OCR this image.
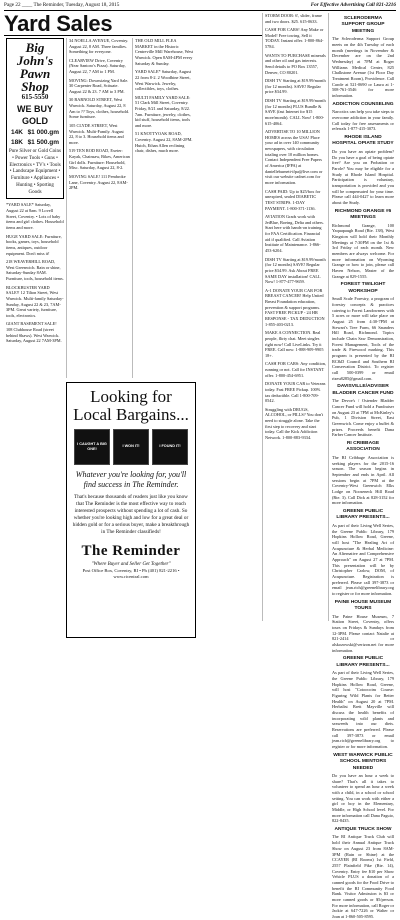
Page 22 ____ The Reminder, Tuesday, August 18, 2015	For Effective Advertising Call 821-2216
Yard Sales
Big John's Pawn Shop
615-5550
WE BUY GOLD
14K $1 000.gm
18K $1 500.gm
Pure Silver or Gold Coins • Power Tools • Guns • Electronics • TV's • Tools • Landscape Equipment • Furniture • Appliances • Hunting • Sporting Goods

*YARD SALE* Saturday, August 22 at 8am. 9 Lovell Street, Coventry. • Lots of baby items and girl clothes. Household items and more.

HUGE YARD SALE: Furniture, books, games, toys, household items, antiques, outdoor equipment. Don't miss it!

218 WEAVERHILL ROAD, West Greenwich. Rain or shine, Saturday-Sunday 8AM. Furniture, tools, household items.

BLOCKBUSTER YARD SALE!! 12 Tilton Street, West Warwick. Multi-family Saturday-Sunday, August 22 & 23, 7AM-3PM. Great variety, furniture, tools, electronics.

GIANT BASEMENT SALE! 108 Clubhouse Road (street behind Shaws). West Warwick. Saturday, August 22 7AM-3PM.

34 NOELLA AVENUE, Coventry. August 22, 8 AM. Three families. Something for everyone.

CLEARVIEW Drive, Coventry (Near Santoro's Pizza). Saturday, August 22, 7 AM to 1 PM.

MOVING: Downsizing Yard Sale. 30 Carpenter Road, Scituate. August 22 & 23. 7 AM to 3 PM.

30 BARNOLD STREET, West Warwick. Saturday, August 22, 8 Am to ?? Toys, clothes, household. Some furniture.

105 CLYDE STREET, West Warwick. Multi-Family. August 22, 8 to 3. Household items and more.

519 TEN ROD ROAD, Exeter: Kayak, Chainsaw, Bikes, American Girl dolls. Furniture: Household, Misc. Saturday, August 22, 8-2.

MOVING SALE! 111 Pembroke Lane, Coventry. August 22, 8AM-2PM.

THE OLD MILL FLEA MARKET in the Historic Centreville Mill Warehouse, West Warwick. Open 8AM-4PM every Saturday & Sunday.

YARD SALE* Saturday, August 22 from 8-2. 2 Woodbine Street, West Warwick. Jewelry, collectibles, toys, clothes.

MULTI FAMILY YARD SALE: 51 Clark Mill Street, Coventry. Friday, 8/21 and Saturday, 8/22. 7am. Furniture, jewelry, clothes, kid stuff, household items, tools and more.

51 KNOTTYOAK ROAD, Coventry. August 22, 8AM-2PM. Hutch, Ethan Allen reclining chair, dishes, much more.

Looking for Local Bargains...
I CAUGHT A BIG ONE!
I WON IT!	I FOUND IT!
Whatever you're looking for, you'll find success in The Reminder.
That's because thousands of readers just like you know that The Reminder is the most effective way to reach interested prospects without spending a lot of cash. So whether you're looking high and low for a great deal or hidden gold or for a serious buyer, make a breakthrough in The Reminder classifieds!
The Reminder
"Where Buyer and Seller Get Together"
Post Office Box, Coventry, RI • Ph (401) 821-2216 • www.ricentral.com

STORM DOOR: 6', slider, frame and two doors. $25. 615-0633.

CASH FOR CARS! Any Make or Model! Free towing. Sell it TODAY. Instant offer. 1-800-864-5784.

WANTS TO PURCHASE minerals and other oil and gas interests. Send details to PO Box 13557, Denver, CO 80201.

DISH TV Starting at $19.99/month (for 12 months). SAVE! Regular price $34.99.

DISH TV Starting at $19.99/month (for 12 months) PLUS Bundle & SAVE (fast Internet for $15 more/month). CALL Now! 1-800-615-4064.

ADVERTISE TO 10 MILLION HOMES across the USA! Place your ad in over 140 community newspapers, with circulation totaling over 10 million homes. Contact Independent Free Papers of America (IFPA) at danielleburnett-ifpa@live.com or visit our website cadnet.com for more information.

CASH PAID: Up to $25/box for unexpired, sealed DIABETIC TEST STRIPS. 1-DAY PAYMENT. 1-800-371-1136.

AVIATION Grads work with JetBlue, Boeing, Delta and others. Start here with hands-on training for FAA Certification. Financial aid if qualified. Call Aviation Institute of Maintenance. 1-866-453-6204.

DISH TV Starting at $19.99/month (for 12 months) SAVE! Regular price $34.99. Ask About FREE SAME DAY installation! CALL Now! 1-877-477-9659.

A-1 DONATE YOUR CAR FOR BREAST CANCER! Help United Breast Foundation education, prevention & support programs. FAST FREE PICKUP - 24 HR RESPONSE - TAX DEDUCTION 1-855-403-0213.

MAKE A CONNECTION. Real people, flirty chat. Meet singles right now! Call LiveLinks. Try it FREE. Call now: 1-888-909-9905 18+.

CASH FOR CARS: Any condition, running or not. Call for INSTANT offer. 1-800-454-6951.

DONATE YOUR CAR to Veterans today. Fast FREE Pickup. 100% tax deductible. Call 1-800-709-0542.

Struggling with DRUGS, ALCOHOL, or PILLS? You don't need to struggle alone. Take the first step to recovery and start today. Call the Kick Addiction Network. 1-800-883-9334.

SCLERODERMA SUPPORT GROUP MEETING

The Scleroderma Support Group meets on the 4th Tuesday of each month (meetings in November & December are on the 2nd Wednesday) at 7PM at Roger Williams Medical Center, 825 Chalkstone Avenue (1st Floor Day Treatment Room), Providence. Call Carole at 521-0690 or Laura at 1-508-761-3546 for more information.

ADDICTION COUNSELING

Narcotics can help you take steps to overcome addiction in your family. Call today for free assessments or referrals 1-877-415-3073.

RHODE ISLAND HOSPITAL OPIATE STUDY

Do you have an opiate problem? Do you have a goal of being opiate free? Are you on Probation or Parole? You may be eligible for a Study at Rhode Island Hospital. Participation is voluntary, transportation is provided and you will be compensated for your time. Please call 444-0427 to learn more about the Study.

RICHMOND GRANGE #6 MEETINGS

Richmond Grange, 100 Yaquapaugh Road (Rte. 138), West Kingston will hold their Monthly Meetings at 7:30PM on the 1st & 3rd Friday of each month. New members are always welcome. For more information on Wyoming Grange or how to join, please call Haven Nelson, Master of the Grange at 829-1555.

FOREST TWILIGHT WORKSHOP

Small Scale Forestry, a program of forestry concepts & practices catering to Forest Landowners with 5 acres or more will take place on August 25 from 4:30-7PM at Stewart's Tree Farm, 66 Saunders Hill Road, Richmond. Topics include Chain Saw Demonstration, Forest Management, Tools of the trade & Firewood marking. This program is presented by the RI RC&D Council and Southern RI Conservation District. To register call 500-0399 or email rizeu8285@gmail.com.

DAVISVILLE/ADVISER BLADDER CANCER FUND

The Devoe's / Ostender Bladder Cancer Fund will hold a Fundraiser on August 23 at 7PM at McKinley's Pub, 1 Division Street, East Greenwich. Come enjoy a buffet & prizes. Proceeds benefit Dana Farber Cancer Institute.

RI CRIBBAGE ASSOCIATION

The RI Cribbage Association is seeking players for the 2015-16 season. The season begins in September and ends in April. All sessions begin at 7PM at the Coventry-West Greenwich Elks Lodge on Nooseneck Hill Road (Rte. 3). Call Dick at 828-3152 for more information.

GREENE PUBLIC LIBRARY PRESENTS...

As part of their Living Well Series, the Greene Public Library, 179 Hopkins Hollow Road, Greene, will host "The Healing Art of Acupuncture & Herbal Medicine: An Alternative and Comprehensive Approach" on August 27 at 7PM. This presentation will be by Christopher Carlow, DOM, of Acupuncture. Registration is preferred. Please call 397-3873 or email jean.rich@greenelibrary.org to register or for more information.

PAINE HOUSE MUSEUM TOURS

The Paine House Museum, 7 Station Street, Coventry, offers tours on Fridays & Sundays from 12-3PM. Please contact Natalie at 821-2414 or alskozowski@verizon.net for more information.

GREENE PUBLIC LIBRARY PRESENTS...

As part of their Living Well Series, the Greene Public Library, 179 Hopkins Hollow Road, Greene, will host "Cotoocoim Course: Figuring Wild Plants for Better Health" on August 20 at 7PM. Herbalist Brett Mayville will discuss the health benefits of incorporating wild plants and seaweeds into our diets. Reservations are preferred. Please call 397-3873 or email jean.rich@greenelibrary.org to register or for more information.

WEST WARWICK PUBLIC SCHOOL MENTORS NEEDED

Do you have an hour a week to share? That's all it takes to volunteer to spend an hour a week with a child, in a school or school setting. You can work with either a girl or boy in the Elementary, Middle, or High School level. For more information call Dana Paguio, 822-8435.

ANTIQUE TRUCK SHOW

The RI Antique Truck Club will hold their Annual Antique Truck Show on August 23 from 8AM-3PM (Rain or Shine) at the CCAYER (RI Rooms) 1st Field, 2557 Plainfield Pike (Rte. 14), Coventry. Entry fee $10 per Show Vehicle PLUS a donation of a canned goods for the Food Drive to benefit the RI Community Food Bank. Visitor Admission is $3 or more canned goods or $5/person. For more information, call Roger or Jackie at 647-7226 or Walter or Joan at 1-860-505-8595.
